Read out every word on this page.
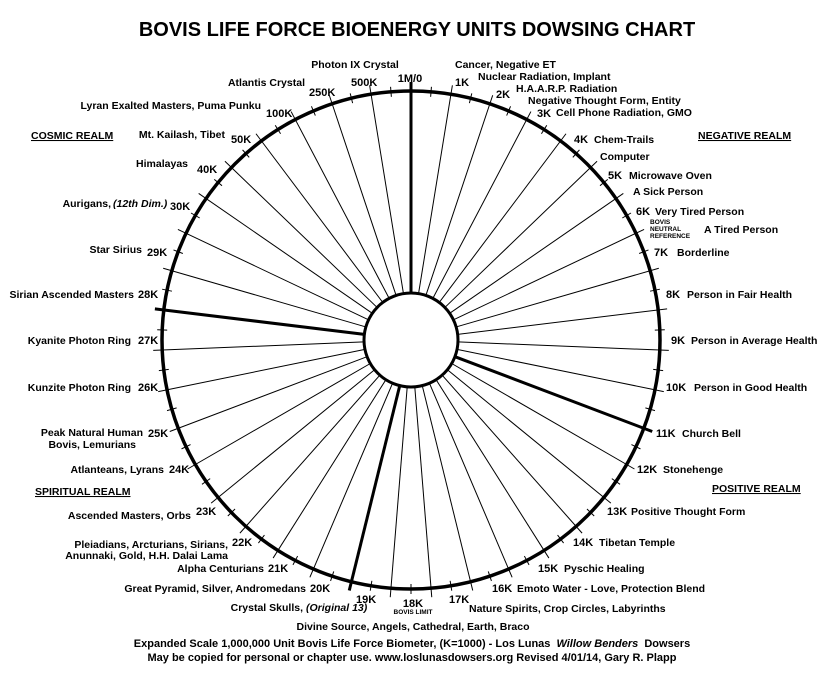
BOVIS LIFE FORCE BIOENERGY UNITS DOWSING CHART
1M/0
Photon IX Crystal
1K
Cancer, Negative ET
2K
Nuclear Radiation, Implant
H.A.A.R.P. Radiation
3K
Negative Thought Form, Entity
Cell Phone Radiation, GMO
4K Chem-Trails
Computer
5K Microwave Oven
A Sick Person
6K Very Tired Person
A Tired Person
7K Borderline
8K Person in Fair Health
9K Person in Average Health
10K Person in Good Health
11K Church Bell
12K Stonehenge
13K Positive Thought Form
14K Tibetan Temple
15K Pyschic Healing
16K Emoto Water - Love, Protection Blend
17K
Nature Spirits, Crop Circles, Labyrinths
18K
Divine Source, Angels, Cathedral, Earth, Braco
19K
Crystal Skulls, (Original 13)
20K
Great Pyramid, Silver, Andromedans
21K
Alpha Centurians
22K
Pleiadians, Arcturians, Sirians,
Anunnaki, Gold, H.H. Dalai Lama
23K
Ascended Masters, Orbs
24K
Atlanteans, Lyrans
25K
Peak Natural Human
Bovis, Lemurians
26K
Kunzite Photon Ring
27K
Kyanite Photon Ring
28K
Sirian Ascended Masters
29K
Star Sirius
30K
Aurigans, (12th Dim.)
40K
Himalayas
50K
Mt. Kailash, Tibet
100K
Lyran Exalted Masters, Puma Punku
250K
Atlantis Crystal	500K
COSMIC REALM	NEGATIVE REALM
SPIRITUAL REALM	POSITIVE REALM
BOVIS
NEUTRAL
REFERENCE
BOVIS LIMIT
Expanded Scale 1,000,000 Unit Bovis Life Force Biometer, (K=1000) - Los Lunas Willow Benders Dowsers
May be copied for personal or chapter use. www.loslunasdowsers.org Revised 4/01/14, Gary R. Plapp
